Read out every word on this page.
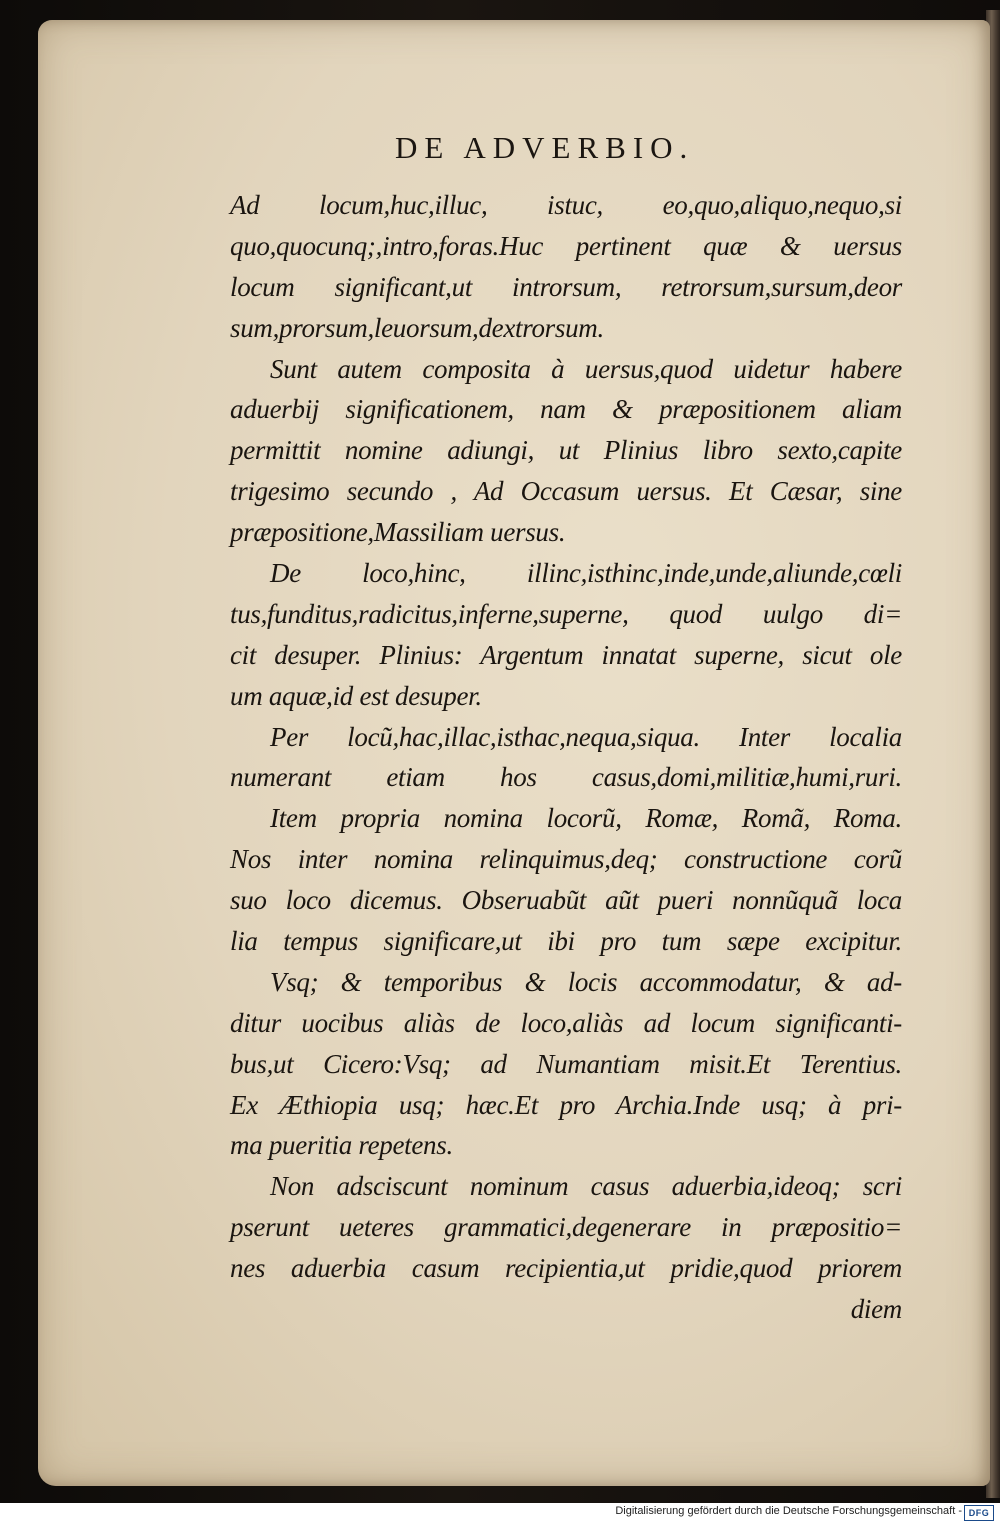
DE ADVERBIO.
Ad locum,huc,illuc, istuc, eo,quo,aliquo,nequo,si
quo,quocunq;,intro,foras.Huc pertinent quæ & uersus
locum significant,ut introrsum, retrorsum,sursum,deor
sum,prorsum,leuorsum,dextrorsum.
Sunt autem composita à uersus,quod uidetur habere
aduerbij significationem, nam & præpositionem aliam
permittit nomine adiungi, ut Plinius libro sexto,capite
trigesimo secundo , Ad Occasum uersus. Et Cæsar, sine
præpositione,Massiliam uersus.
De loco,hinc, illinc,isthinc,inde,unde,aliunde,cœli
tus,funditus,radicitus,inferne,superne, quod uulgo di=
cit desuper. Plinius: Argentum innatat superne, sicut ole
um aquæ,id est desuper.
Per locũ,hac,illac,isthac,nequa,siqua. Inter localia
numerant etiam hos casus,domi,militiæ,humi,ruri.
Item propria nomina locorũ, Romæ, Romã, Roma.
Nos inter nomina relinquimus,deq; constructione corũ
suo loco dicemus. Obseruabũt aũt pueri nonnũquã loca
lia tempus significare,ut ibi pro tum sæpe excipitur.
Vsq; & temporibus & locis accommodatur, & ad-
ditur uocibus aliàs de loco,aliàs ad locum significanti-
bus,ut Cicero:Vsq; ad Numantiam misit.Et Terentius.
Ex Æthiopia usq; hæc.Et pro Archia.Inde usq; à pri-
ma pueritia repetens.
Non adsciscunt nominum casus aduerbia,ideoq; scri
pserunt ueteres grammatici,degenerare in præpositio=
nes aduerbia casum recipientia,ut pridie,quod priorem
diem
Digitalisierung gefördert durch die Deutsche Forschungsgemeinschaft - DFG
